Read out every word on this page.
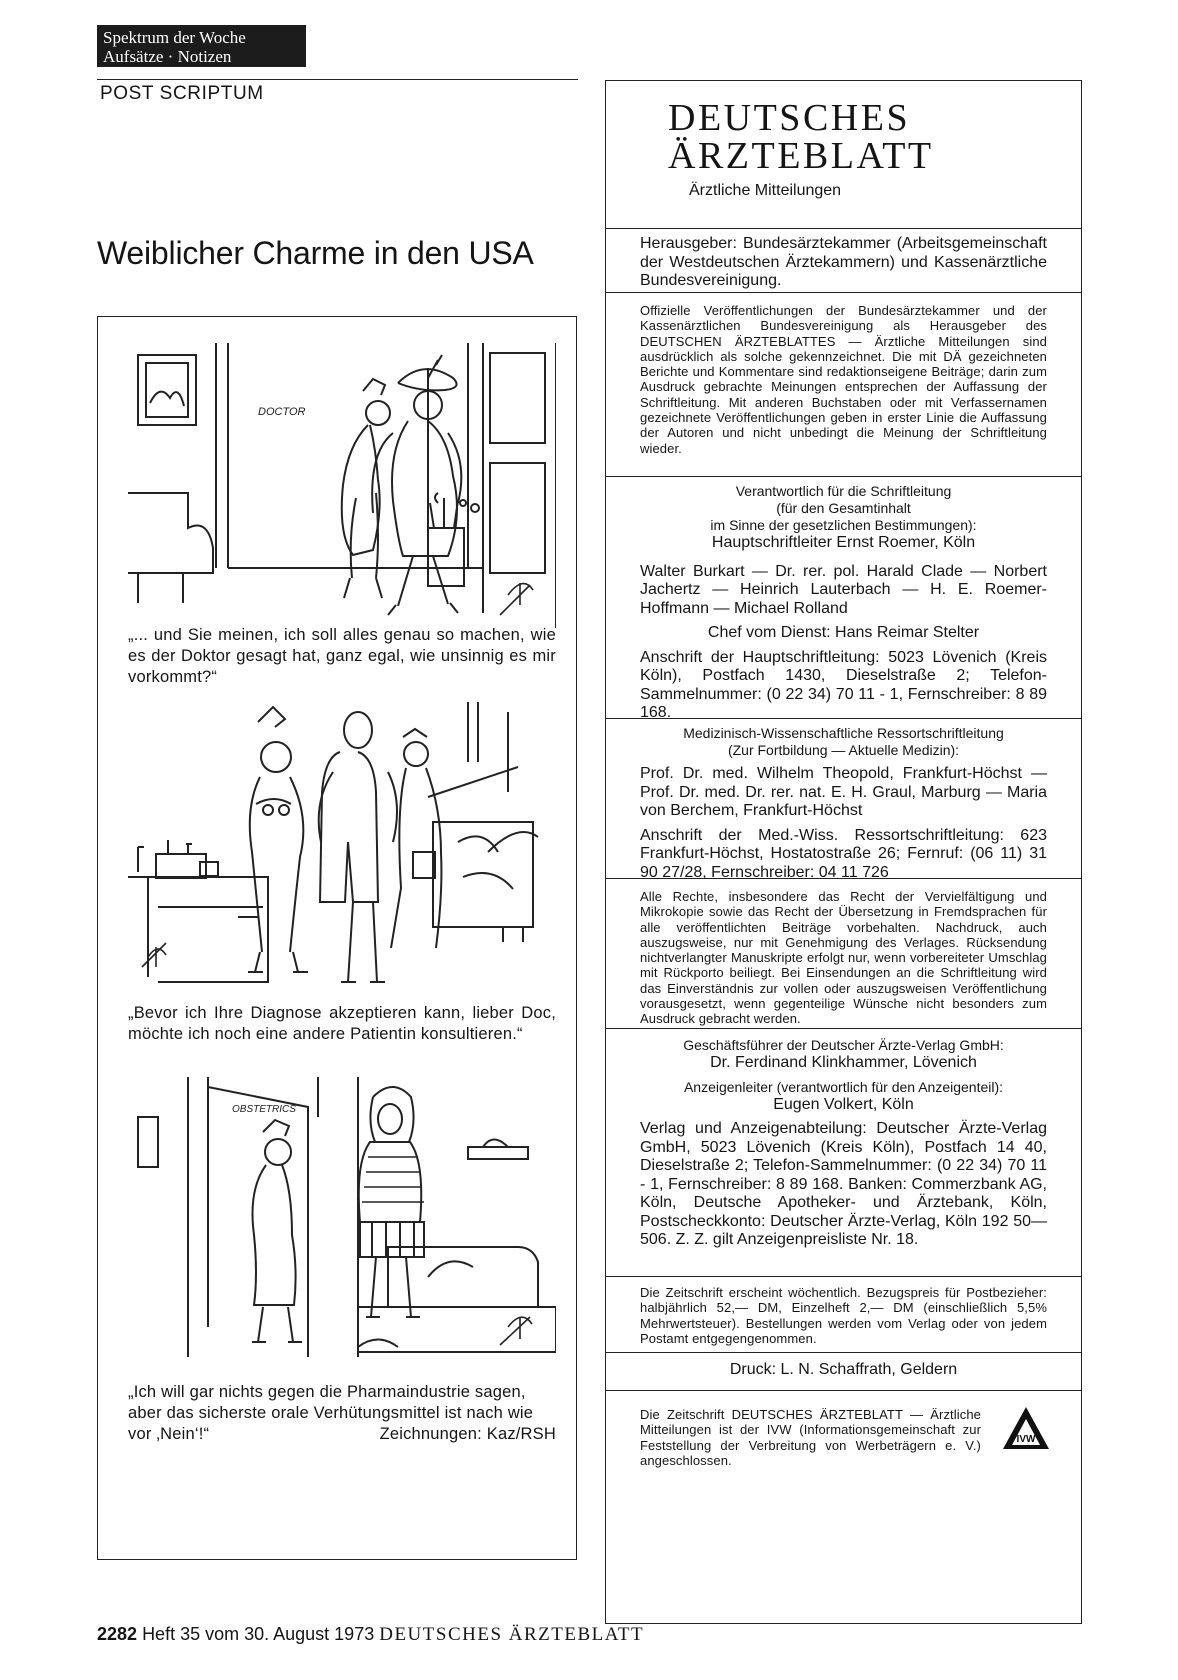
Spektrum der Woche
Aufsätze · Notizen
POST SCRIPTUM
Weiblicher Charme in den USA
DOCTOR

„... und Sie meinen, ich soll alles genau so machen, wie es der Doktor gesagt hat, ganz egal, wie unsinnig es mir vorkommt?“

„Bevor ich Ihre Diagnose akzeptieren kann, lieber Doc, möchte ich noch eine andere Patientin konsultieren.“

OBSTETRICS

„Ich will gar nichts gegen die Pharmaindustrie sagen, aber das sicherste orale Verhütungsmittel ist nach wie vor ‚Nein‘!“	Zeichnungen: Kaz/RSH

DEUTSCHES
ÄRZTEBLATT
Ärztliche Mitteilungen

Herausgeber: Bundesärztekammer (Arbeitsgemeinschaft der Westdeutschen Ärztekammern) und Kassenärztliche Bundesvereinigung.

Offizielle Veröffentlichungen der Bundesärztekammer und der Kassenärztlichen Bundesvereinigung als Herausgeber des DEUTSCHEN ÄRZTEBLATTES — Ärztliche Mitteilungen sind ausdrücklich als solche gekennzeichnet. Die mit DÄ gezeichneten Berichte und Kommentare sind redaktionseigene Beiträge; darin zum Ausdruck gebrachte Meinungen entsprechen der Auffassung der Schriftleitung. Mit anderen Buchstaben oder mit Verfassernamen gezeichnete Veröffentlichungen geben in erster Linie die Auffassung der Autoren und nicht unbedingt die Meinung der Schriftleitung wieder.

Verantwortlich für die Schriftleitung

(für den Gesamtinhalt

im Sinne der gesetzlichen Bestimmungen):

Hauptschriftleiter Ernst Roemer, Köln

Walter Burkart — Dr. rer. pol. Harald Clade — Norbert Jachertz — Heinrich Lauterbach — H. E. Roemer-Hoffmann — Michael Rolland

Chef vom Dienst: Hans Reimar Stelter

Anschrift der Hauptschriftleitung: 5023 Lövenich (Kreis Köln), Postfach 1430, Dieselstraße 2; Telefon-Sammelnummer: (0 22 34) 70 11 - 1, Fernschreiber: 8 89 168.

Medizinisch-Wissenschaftliche Ressortschriftleitung

(Zur Fortbildung — Aktuelle Medizin):

Prof. Dr. med. Wilhelm Theopold, Frankfurt-Höchst — Prof. Dr. med. Dr. rer. nat. E. H. Graul, Marburg — Maria von Berchem, Frankfurt-Höchst

Anschrift der Med.-Wiss. Ressortschriftleitung: 623 Frankfurt-Höchst, Hostatostraße 26; Fernruf: (06 11) 31 90 27/28, Fernschreiber: 04 11 726

Alle Rechte, insbesondere das Recht der Vervielfältigung und Mikrokopie sowie das Recht der Übersetzung in Fremdsprachen für alle veröffentlichten Beiträge vorbehalten. Nachdruck, auch auszugsweise, nur mit Genehmigung des Verlages. Rücksendung nichtverlangter Manuskripte erfolgt nur, wenn vorbereiteter Umschlag mit Rückporto beiliegt. Bei Einsendungen an die Schriftleitung wird das Einverständnis zur vollen oder auszugsweisen Veröffentlichung vorausgesetzt, wenn gegenteilige Wünsche nicht besonders zum Ausdruck gebracht werden.

Geschäftsführer der Deutscher Ärzte-Verlag GmbH:

Dr. Ferdinand Klinkhammer, Lövenich

Anzeigenleiter (verantwortlich für den Anzeigenteil):

Eugen Volkert, Köln

Verlag und Anzeigenabteilung: Deutscher Ärzte-Verlag GmbH, 5023 Lövenich (Kreis Köln), Postfach 14 40, Dieselstraße 2; Telefon-Sammelnummer: (0 22 34) 70 11 - 1, Fernschreiber: 8 89 168. Banken: Commerzbank AG, Köln, Deutsche Apotheker- und Ärztebank, Köln, Postscheckkonto: Deutscher Ärzte-Verlag, Köln 192 50—506. Z. Z. gilt Anzeigenpreisliste Nr. 18.

Die Zeitschrift erscheint wöchentlich. Bezugspreis für Postbezieher: halbjährlich 52,— DM, Einzelheft 2,— DM (einschließlich 5,5% Mehrwertsteuer). Bestellungen werden vom Verlag oder von jedem Postamt entgegengenommen.

Druck: L. N. Schaffrath, Geldern

Die Zeitschrift DEUTSCHES ÄRZTEBLATT — Ärztliche Mitteilungen ist der IVW (Informationsgemeinschaft zur Feststellung der Verbreitung von Werbeträgern e. V.) angeschlossen.

IVW
2282 Heft 35 vom 30. August 1973 DEUTSCHES ÄRZTEBLATT
